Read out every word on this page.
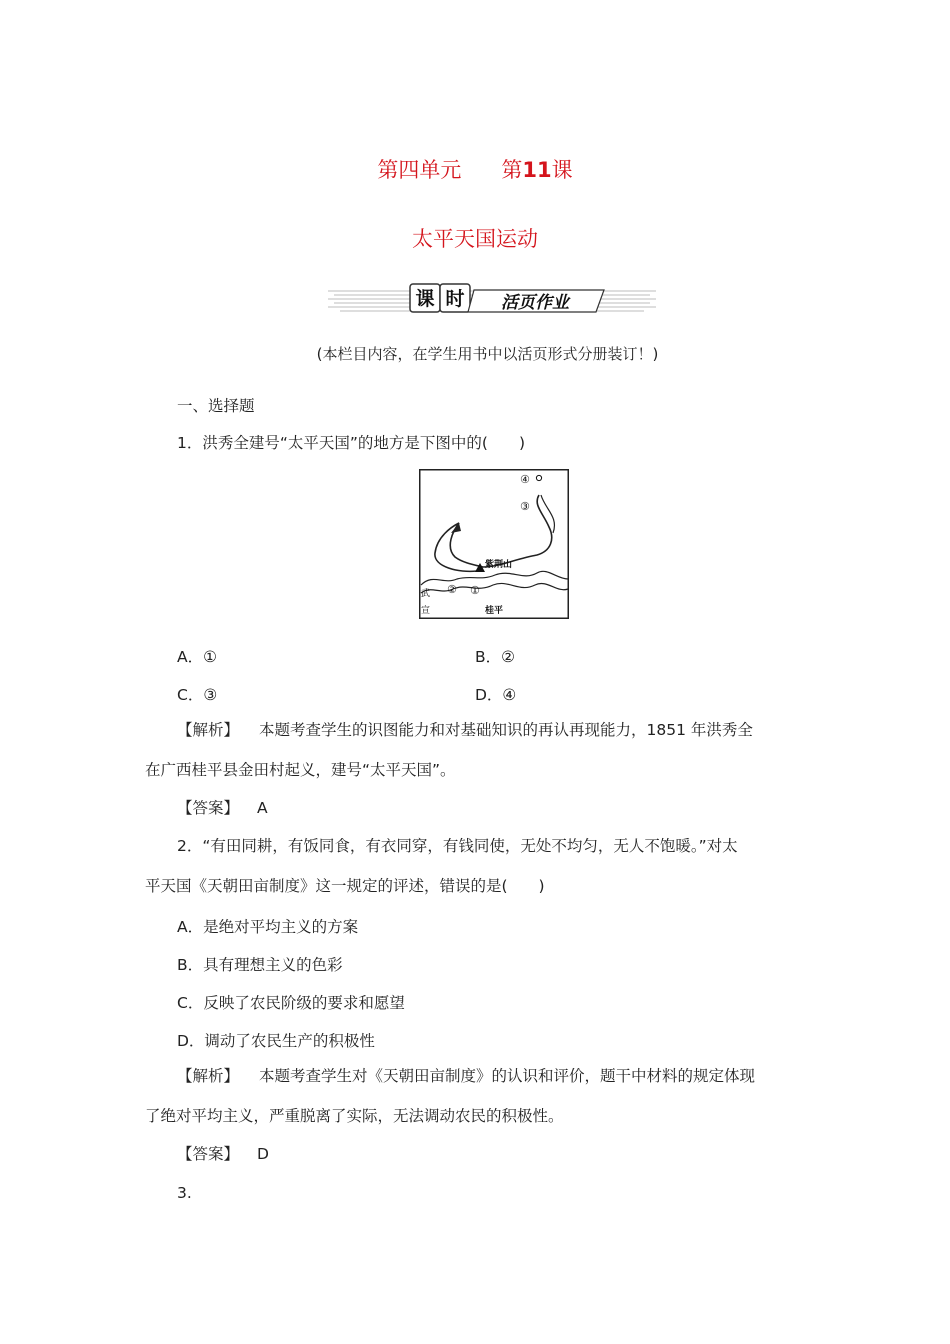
第四单元 第11课
太平天国运动
课 时 活页作业
(本栏目内容，在学生用书中以活页形式分册装订！)
一、选择题
1．洪秀全建号“太平天国”的地方是下图中的(　　)
紫荆山
④
③
② ①
武
宣	桂平
A．①	B．②
C．③	D．④
【解析】 本题考查学生的识图能力和对基础知识的再认再现能力，1851 年洪秀全
在广西桂平县金田村起义，建号“太平天国”。
【答案】 A
2．“有田同耕，有饭同食，有衣同穿，有钱同使，无处不均匀，无人不饱暖。”对太
平天国《天朝田亩制度》这一规定的评述，错误的是(　　)
A．是绝对平均主义的方案
B．具有理想主义的色彩
C．反映了农民阶级的要求和愿望
D．调动了农民生产的积极性
【解析】 本题考查学生对《天朝田亩制度》的认识和评价，题干中材料的规定体现
了绝对平均主义，严重脱离了实际，无法调动农民的积极性。
【答案】 D
3.
